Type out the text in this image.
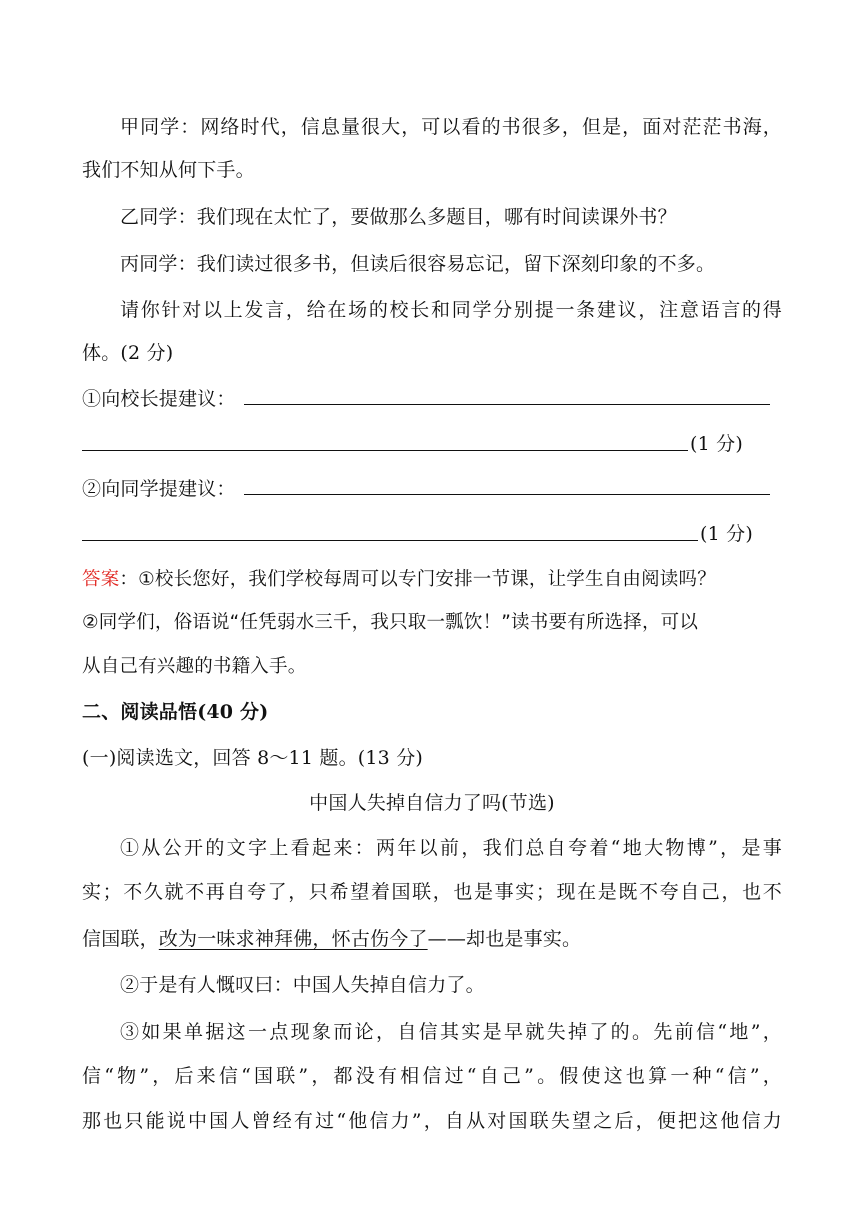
甲同学：网络时代，信息量很大，可以看的书很多，但是，面对茫茫书海，
我们不知从何下手。
乙同学：我们现在太忙了，要做那么多题目，哪有时间读课外书？
丙同学：我们读过很多书，但读后很容易忘记，留下深刻印象的不多。
请你针对以上发言，给在场的校长和同学分别提一条建议，注意语言的得
体。(2 分)
①向校长提建议：
(1 分)
②向同学提建议：
(1 分)
答案：①校长您好，我们学校每周可以专门安排一节课，让学生自由阅读吗？
②同学们，俗语说“任凭弱水三千，我只取一瓢饮！”读书要有所选择，可以
从自己有兴趣的书籍入手。
二、阅读品悟(40 分)
(一)阅读选文，回答 8～11 题。(13 分)
中国人失掉自信力了吗(节选)
①从公开的文字上看起来：两年以前，我们总自夸着“地大物博”，是事
实；不久就不再自夸了，只希望着国联，也是事实；现在是既不夸自己，也不
信国联，改为一味求神拜佛，怀古伤今了——却也是事实。
②于是有人慨叹曰：中国人失掉自信力了。
③如果单据这一点现象而论，自信其实是早就失掉了的。先前信“地”，
信“物”，后来信“国联”，都没有相信过“自己”。假使这也算一种“信”，
那也只能说中国人曾经有过“他信力”，自从对国联失望之后，便把这他信力
